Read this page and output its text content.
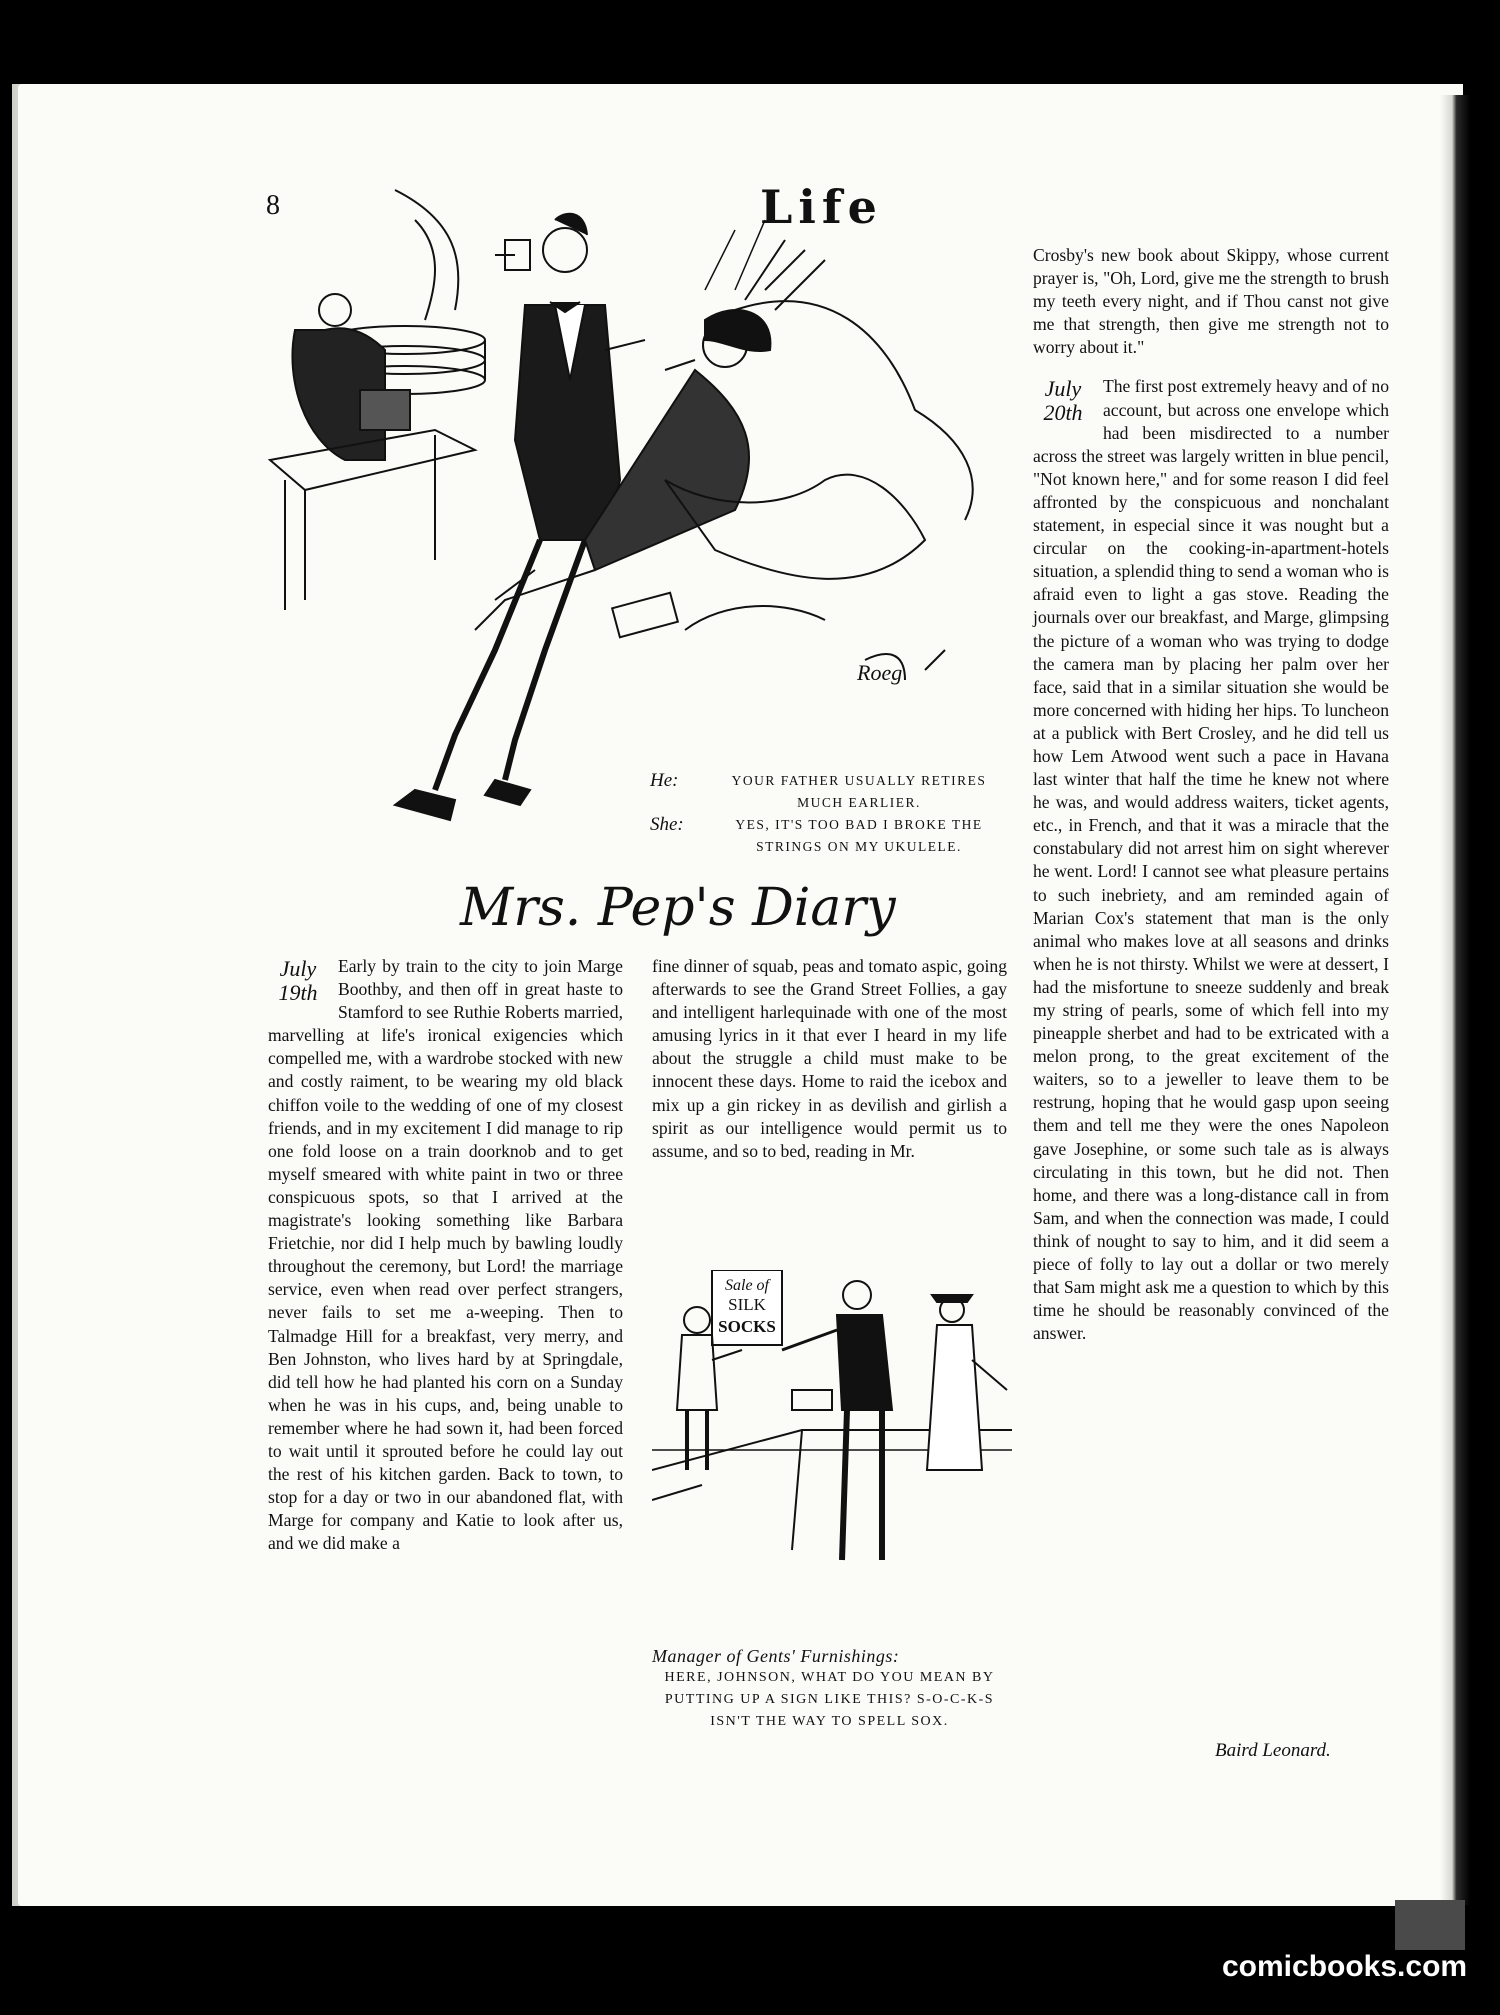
8	Life
Roeg
He:	YOUR FATHER USUALLY RETIRES MUCH EARLIER.
She:	YES, IT'S TOO BAD I BROKE THE STRINGS ON MY UKULELE.
Mrs. Pep's Diary
July 19th
Early by train to the city to join Marge Boothby, and then off in great haste to Stamford to see Ruthie Roberts married, marvelling at life's ironical exigencies which compelled me, with a wardrobe stocked with new and costly raiment, to be wearing my old black chiffon voile to the wedding of one of my closest friends, and in my excitement I did manage to rip one fold loose on a train doorknob and to get myself smeared with white paint in two or three conspicuous spots, so that I arrived at the magistrate's looking something like Barbara Frietchie, nor did I help much by bawling loudly throughout the ceremony, but Lord! the marriage service, even when read over perfect strangers, never fails to set me a-weeping. Then to Talmadge Hill for a breakfast, very merry, and Ben Johnston, who lives hard by at Springdale, did tell how he had planted his corn on a Sunday when he was in his cups, and, being unable to remember where he had sown it, had been forced to wait until it sprouted before he could lay out the rest of his kitchen garden. Back to town, to stop for a day or two in our abandoned flat, with Marge for company and Katie to look after us, and we did make a
fine dinner of squab, peas and tomato aspic, going afterwards to see the Grand Street Follies, a gay and intelligent harlequinade with one of the most amusing lyrics in it that ever I heard in my life about the struggle a child must make to be innocent these days. Home to raid the icebox and mix up a gin rickey in as devilish and girlish a spirit as our intelligence would permit us to assume, and so to bed, reading in Mr.
Sale of
SILK
SOCKS
Manager of Gents' Furnishings:
HERE, JOHNSON, WHAT DO YOU MEAN BY PUTTING UP A SIGN LIKE THIS? S-O-C-K-S ISN'T THE WAY TO SPELL SOX.

Crosby's new book about Skippy, whose current prayer is, "Oh, Lord, give me the strength to brush my teeth every night, and if Thou canst not give me that strength, then give me strength not to worry about it."

July 20th
The first post extremely heavy and of no account, but across one envelope which had been misdirected to a number across the street was largely written in blue pencil, "Not known here," and for some reason I did feel affronted by the conspicuous and nonchalant statement, in especial since it was nought but a circular on the cooking-in-apartment-hotels situation, a splendid thing to send a woman who is afraid even to light a gas stove. Reading the journals over our breakfast, and Marge, glimpsing the picture of a woman who was trying to dodge the camera man by placing her palm over her face, said that in a similar situation she would be more concerned with hiding her hips. To luncheon at a publick with Bert Crosley, and he did tell us how Lem Atwood went such a pace in Havana last winter that half the time he knew not where he was, and would address waiters, ticket agents, etc., in French, and that it was a miracle that the constabulary did not arrest him on sight wherever he went. Lord! I cannot see what pleasure pertains to such inebriety, and am reminded again of Marian Cox's statement that man is the only animal who makes love at all seasons and drinks when he is not thirsty. Whilst we were at dessert, I had the misfortune to sneeze suddenly and break my string of pearls, some of which fell into my pineapple sherbet and had to be extricated with a melon prong, to the great excitement of the waiters, so to a jeweller to leave them to be restrung, hoping that he would gasp upon seeing them and tell me they were the ones Napoleon gave Josephine, or some such tale as is always circulating in this town, but he did not. Then home, and there was a long-distance call in from Sam, and when the connection was made, I could think of nought to say to him, and it did seem a piece of folly to lay out a dollar or two merely that Sam might ask me a question to which by this time he should be reasonably convinced of the answer.
Baird Leonard.
comicbooks.com
